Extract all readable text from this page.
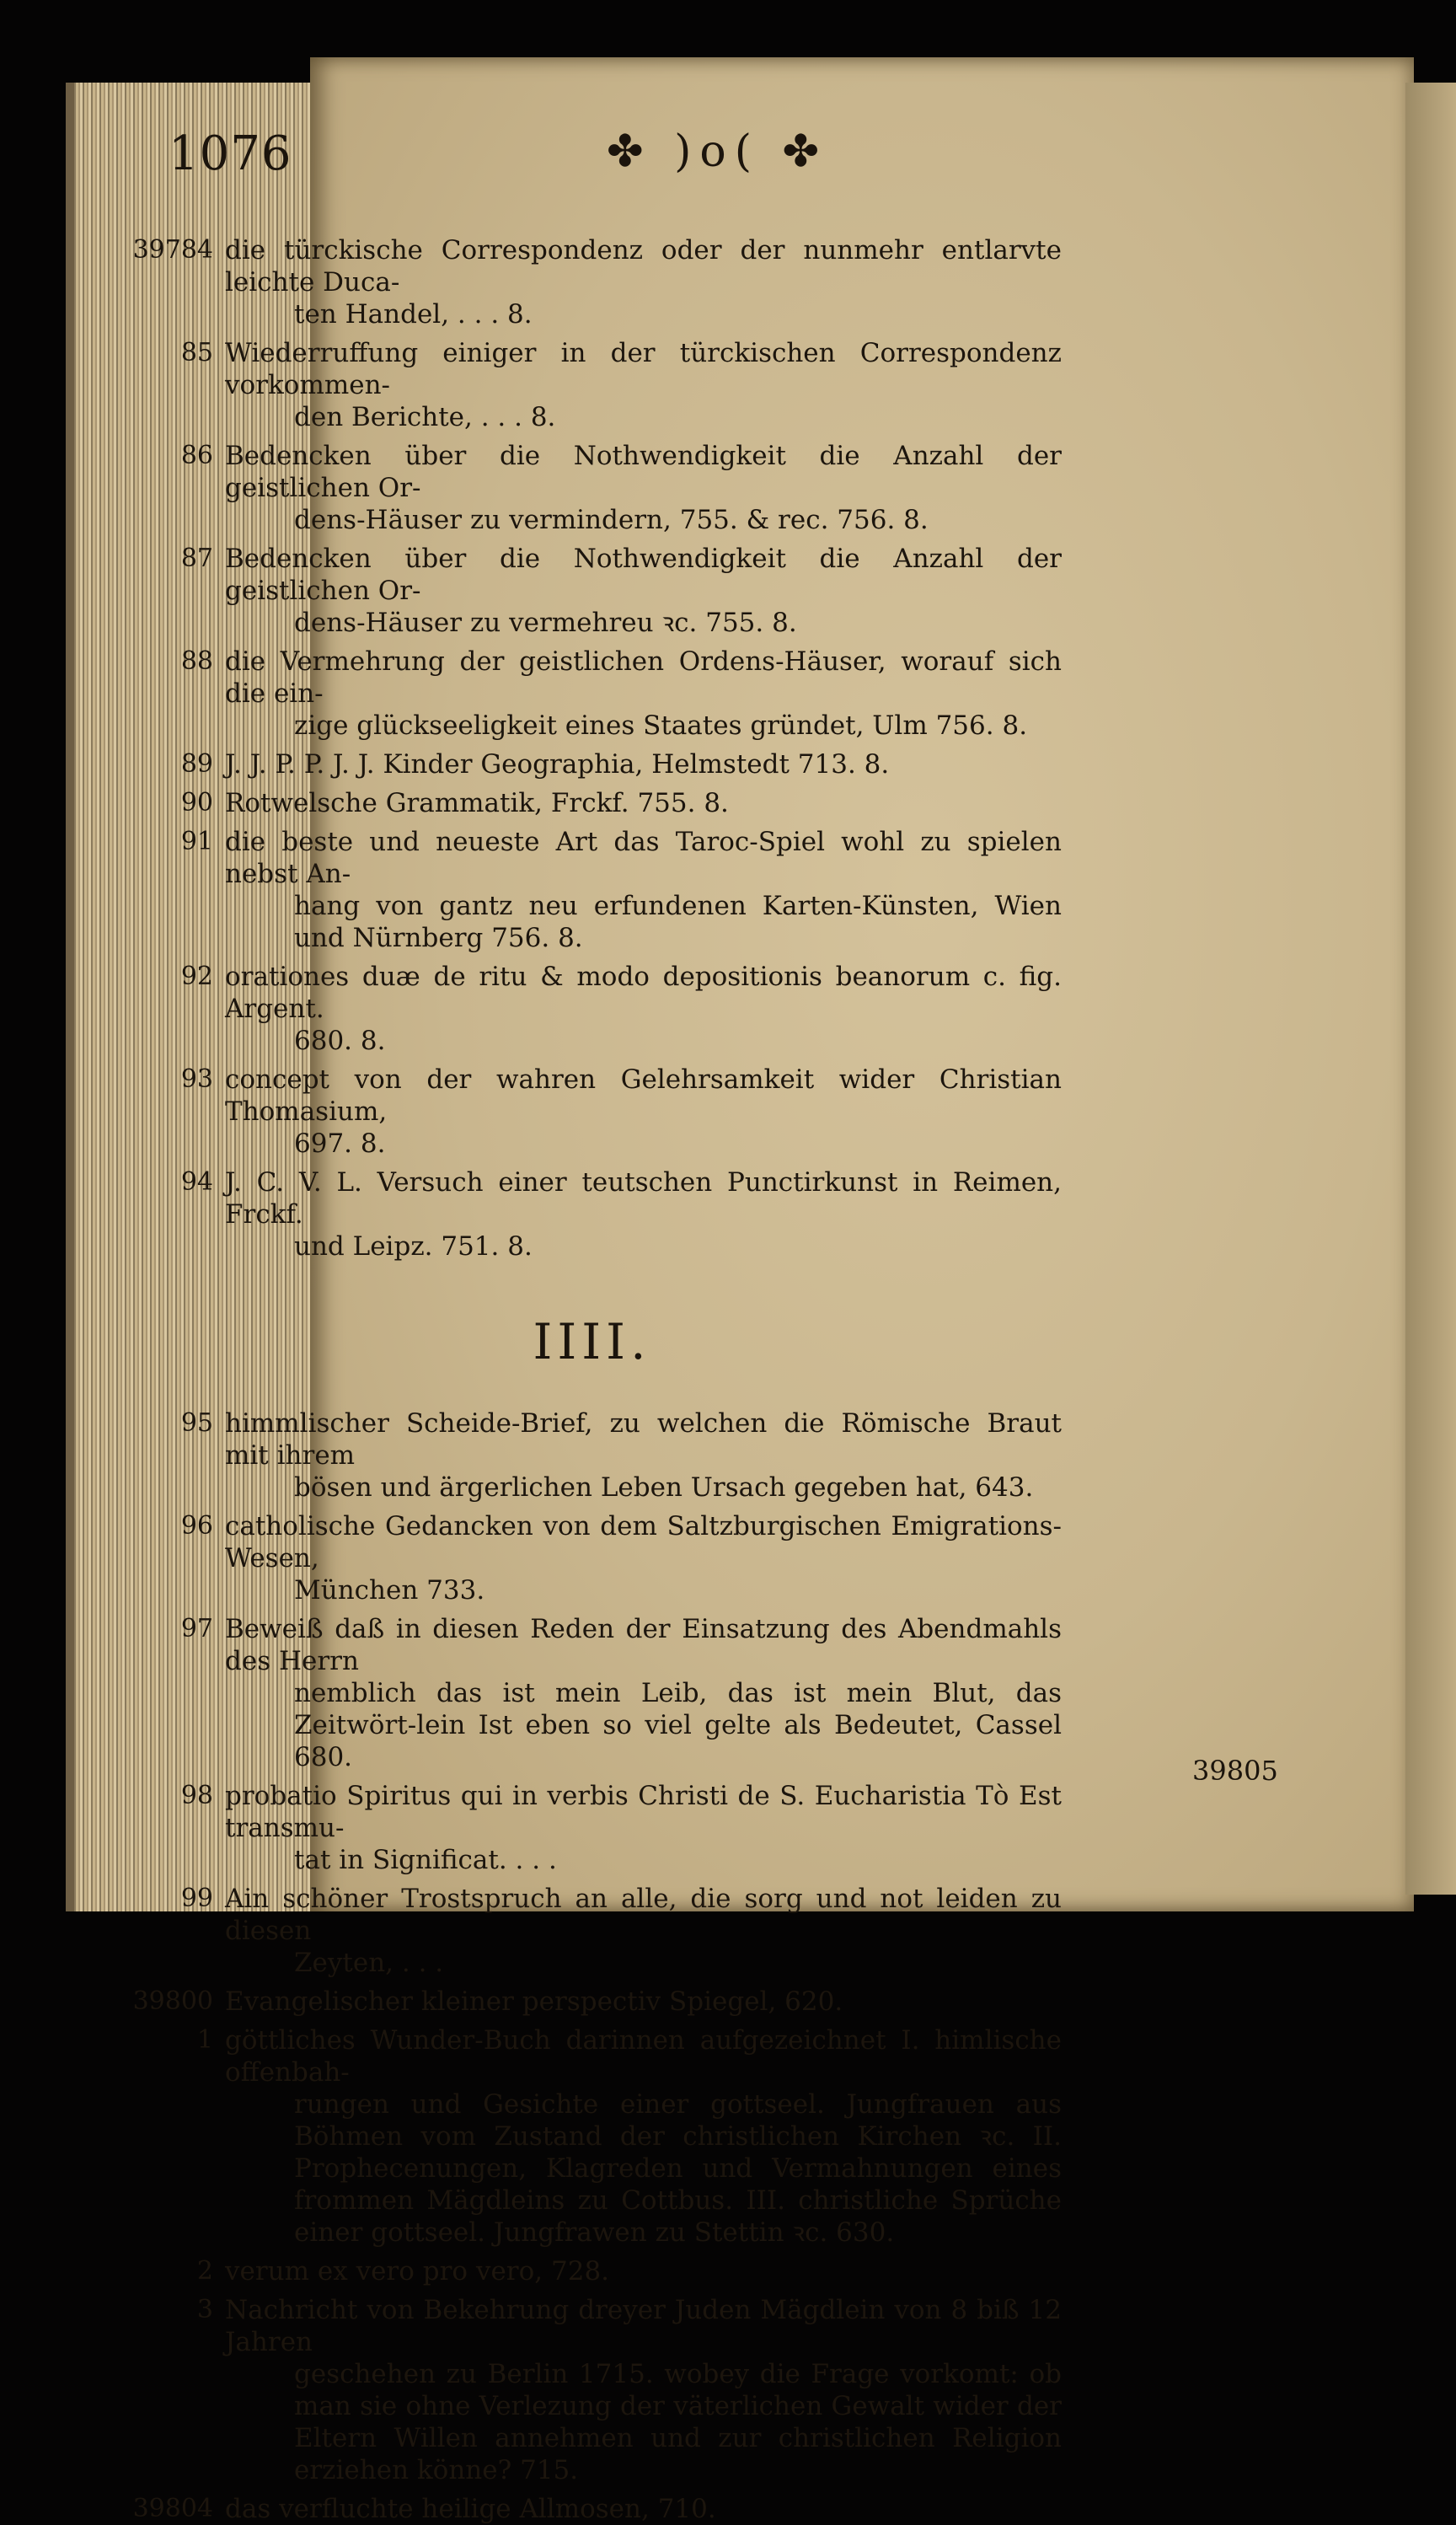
1076	✤ )o( ✤
39784 die türckische Correspondenz oder der nunmehr entlarvte leichte Duca-
ten Handel, . . . 8.
85 Wiederruffung einiger in der türckischen Correspondenz vorkommen-
den Berichte, . . . 8.
86 Bedencken über die Nothwendigkeit die Anzahl der geistlichen Or-
dens-Häuser zu vermindern, 755. & rec. 756. 8.
87 Bedencken über die Nothwendigkeit die Anzahl der geistlichen Or-
dens-Häuser zu vermehreu ꝛc. 755. 8.
88 die Vermehrung der geistlichen Ordens-Häuser, worauf sich die ein-
zige glückseeligkeit eines Staates gründet, Ulm 756. 8.
89 J. J. P. P. J. J. Kinder Geographia, Helmstedt 713. 8.
90 Rotwelsche Grammatik, Frckf. 755. 8.
91 die beste und neueste Art das Taroc-Spiel wohl zu spielen nebst An-
hang von gantz neu erfundenen Karten-Künsten, Wien und Nürnberg 756. 8.
92 orationes duæ de ritu & modo depositionis beanorum c. fig. Argent.
680. 8.
93 concept von der wahren Gelehrsamkeit wider Christian Thomasium,
697. 8.
94 J. C. V. L. Versuch einer teutschen Punctirkunst in Reimen, Frckf.
und Leipz. 751. 8.
IIII.
95 himmlischer Scheide-Brief, zu welchen die Römische Braut mit ihrem
bösen und ärgerlichen Leben Ursach gegeben hat, 643.
96 catholische Gedancken von dem Saltzburgischen Emigrations-Wesen,
München 733.
97 Beweiß daß in diesen Reden der Einsatzung des Abendmahls des Herrn
nemblich das ist mein Leib, das ist mein Blut, das Zeitwört-lein Ist eben so viel gelte als Bedeutet, Cassel 680.
98 probatio Spiritus qui in verbis Christi de S. Eucharistia Τὸ Est transmu-
tat in Significat. . . .
99 Ain schöner Trostspruch an alle, die sorg und not leiden zu diesen
Zeyten, . . .
39800 Evangelischer kleiner perspectiv Spiegel, 620.
1 göttliches Wunder-Buch darinnen aufgezeichnet I. himlische offenbah-
rungen und Gesichte einer gottseel. Jungfrauen aus Böhmen vom Zustand der christlichen Kirchen ꝛc. II. Prophecenungen, Klagreden und Vermahnungen eines frommen Mägdleins zu Cottbus. III. christliche Sprüche einer gottseel. Jungfrawen zu Stettin ꝛc. 630.
2 verum ex vero pro vero, 728.
3 Nachricht von Bekehrung dreyer Juden Mägdlein von 8 biß 12 Jahren
geschehen zu Berlin 1715. wobey die Frage vorkomt: ob man sie ohne Verlezung der väterlichen Gewalt wider der Eltern Willen annehmen und zur christlichen Religion erziehen könne? 715.
39804 das verfluchte heilige Allmosen, 710.
39805
